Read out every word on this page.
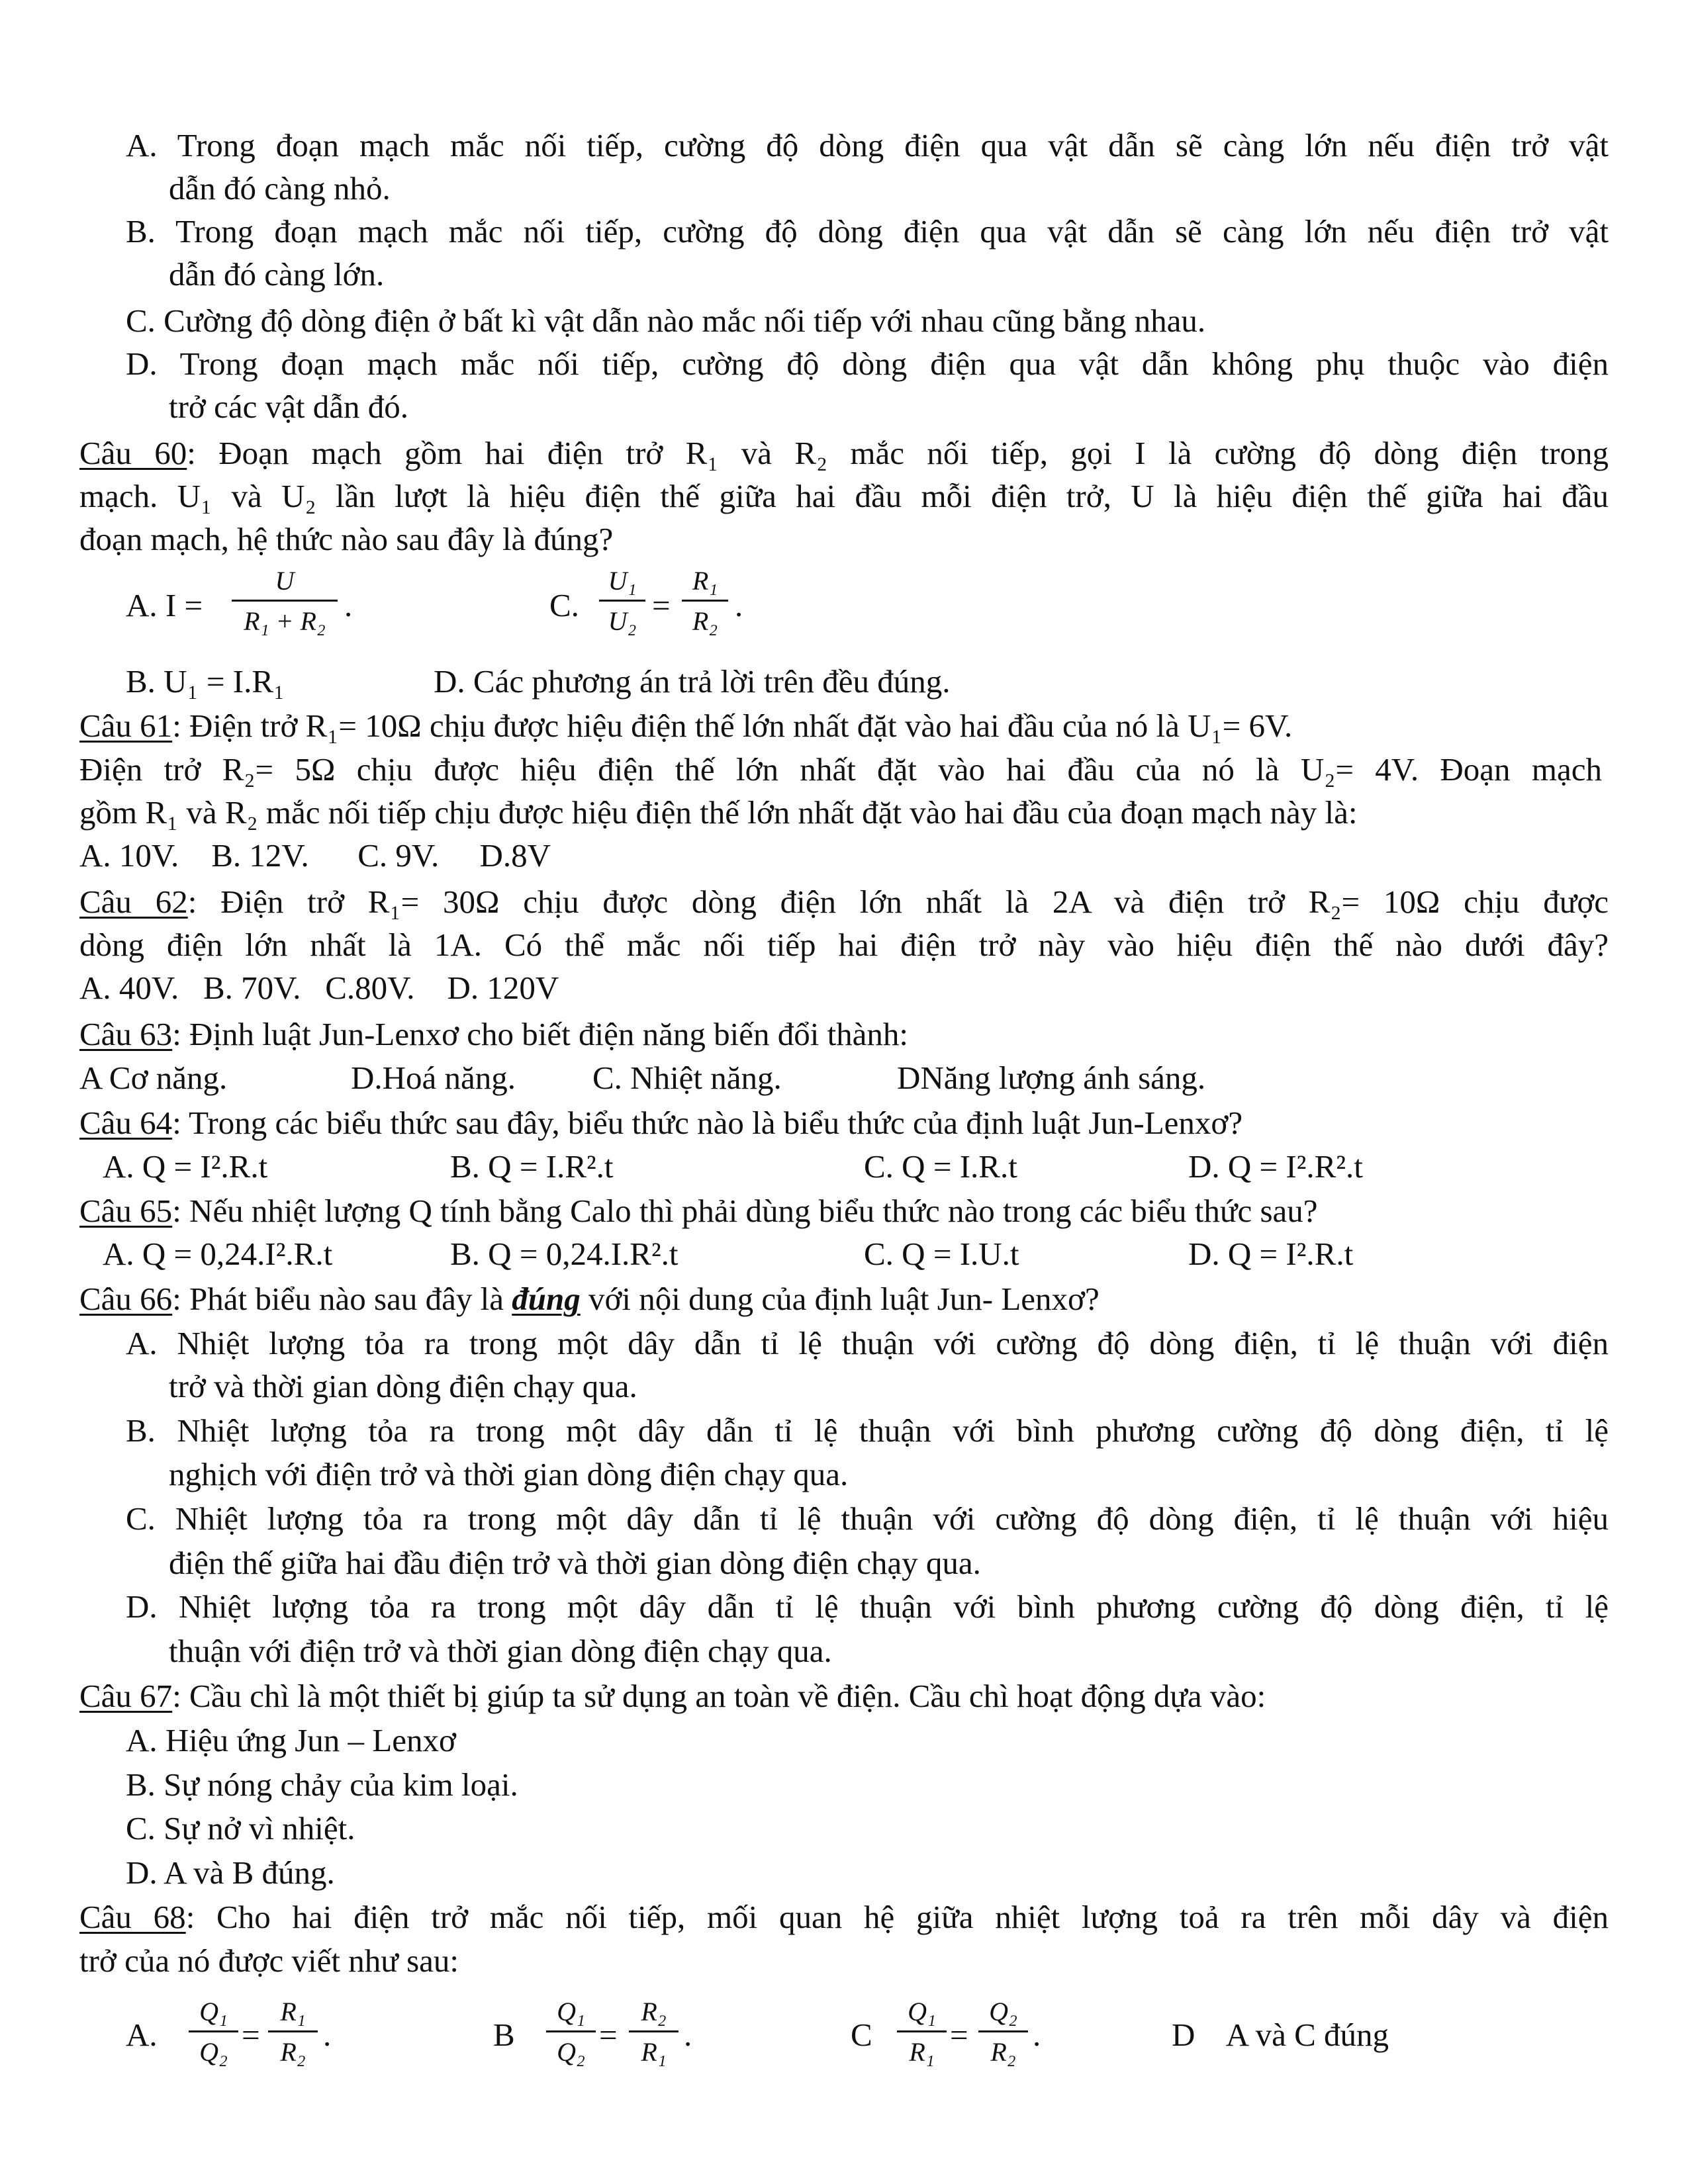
A. Trong đoạn mạch mắc nối tiếp, cường độ dòng điện qua vật dẫn sẽ càng lớn nếu điện trở vật
dẫn đó càng nhỏ.
B. Trong đoạn mạch mắc nối tiếp, cường độ dòng điện qua vật dẫn sẽ càng lớn nếu điện trở vật
dẫn đó càng lớn.
C. Cường độ dòng điện ở bất kì vật dẫn nào mắc nối tiếp với nhau cũng bằng nhau.
D. Trong đoạn mạch mắc nối tiếp, cường độ dòng điện qua vật dẫn không phụ thuộc vào điện
trở các vật dẫn đó.
Câu 60: Đoạn mạch gồm hai điện trở R₁ và R₂ mắc nối tiếp, gọi I là cường độ dòng điện trong
mạch. U₁ và U₂ lần lượt là hiệu điện thế giữa hai đầu mỗi điện trở, U là hiệu điện thế giữa hai đầu
đoạn mạch, hệ thức nào sau đây là đúng?
A. I =
U
R₁ + R₂ .	C.
U₁
U₂ =
R₁
R₂ .
B. U₁ = I.R₁	D. Các phương án trả lời trên đều đúng.
Câu 61: Điện trở R₁= 10Ω chịu được hiệu điện thế lớn nhất đặt vào hai đầu của nó là U₁= 6V.
Điện trở R₂= 5Ω chịu được hiệu điện thế lớn nhất đặt vào hai đầu của nó là U₂= 4V. Đoạn mạch
gồm R₁ và R₂ mắc nối tiếp chịu được hiệu điện thế lớn nhất đặt vào hai đầu của đoạn mạch này là:
A. 10V.    B. 12V.      C. 9V.     D.8V
Câu 62: Điện trở R₁= 30Ω chịu được dòng điện lớn nhất là 2A và điện trở R₂= 10Ω chịu được
dòng điện lớn nhất là 1A. Có thể mắc nối tiếp hai điện trở này vào hiệu điện thế nào dưới đây?
A. 40V.   B. 70V.   C.80V.    D. 120V
Câu 63: Định luật Jun-Lenxơ cho biết điện năng biến đổi thành:
A Cơ năng.	D.Hoá năng. C. Nhiệt năng.	DNăng lượng ánh sáng.
Câu 64: Trong các biểu thức sau đây, biểu thức nào là biểu thức của định luật Jun-Lenxơ?
A. Q = I².R.t	B. Q = I.R².t	C. Q = I.R.t	D. Q = I².R².t
Câu 65: Nếu nhiệt lượng Q tính bằng Calo thì phải dùng biểu thức nào trong các biểu thức sau?
A. Q = 0,24.I².R.t	B. Q = 0,24.I.R².t	C. Q = I.U.t	D. Q = I².R.t
Câu 66: Phát biểu nào sau đây là đúng với nội dung của định luật Jun- Lenxơ?
A. Nhiệt lượng tỏa ra trong một dây dẫn tỉ lệ thuận với cường độ dòng điện, tỉ lệ thuận với điện
trở và thời gian dòng điện chạy qua.
B. Nhiệt lượng tỏa ra trong một dây dẫn tỉ lệ thuận với bình phương cường độ dòng điện, tỉ lệ
nghịch với điện trở và thời gian dòng điện chạy qua.
C. Nhiệt lượng tỏa ra trong một dây dẫn tỉ lệ thuận với cường độ dòng điện, tỉ lệ thuận với hiệu
điện thế giữa hai đầu điện trở và thời gian dòng điện chạy qua.
D. Nhiệt lượng tỏa ra trong một dây dẫn tỉ lệ thuận với bình phương cường độ dòng điện, tỉ lệ
thuận với điện trở và thời gian dòng điện chạy qua.
Câu 67: Cầu chì là một thiết bị giúp ta sử dụng an toàn về điện. Cầu chì hoạt động dựa vào:
A. Hiệu ứng Jun – Lenxơ
B. Sự nóng chảy của kim loại.
C. Sự nở vì nhiệt.
D. A và B đúng.
Câu 68: Cho hai điện trở mắc nối tiếp, mối quan hệ giữa nhiệt lượng toả ra trên mỗi dây và điện
trở của nó được viết như sau:
A.
Q₁
Q₂ =
R₁
R₂ .	B
Q₁
Q₂ =
R₂
R₁ .	C
Q₁
R₁ =
Q₂
R₂ .	D    A và C đúng
